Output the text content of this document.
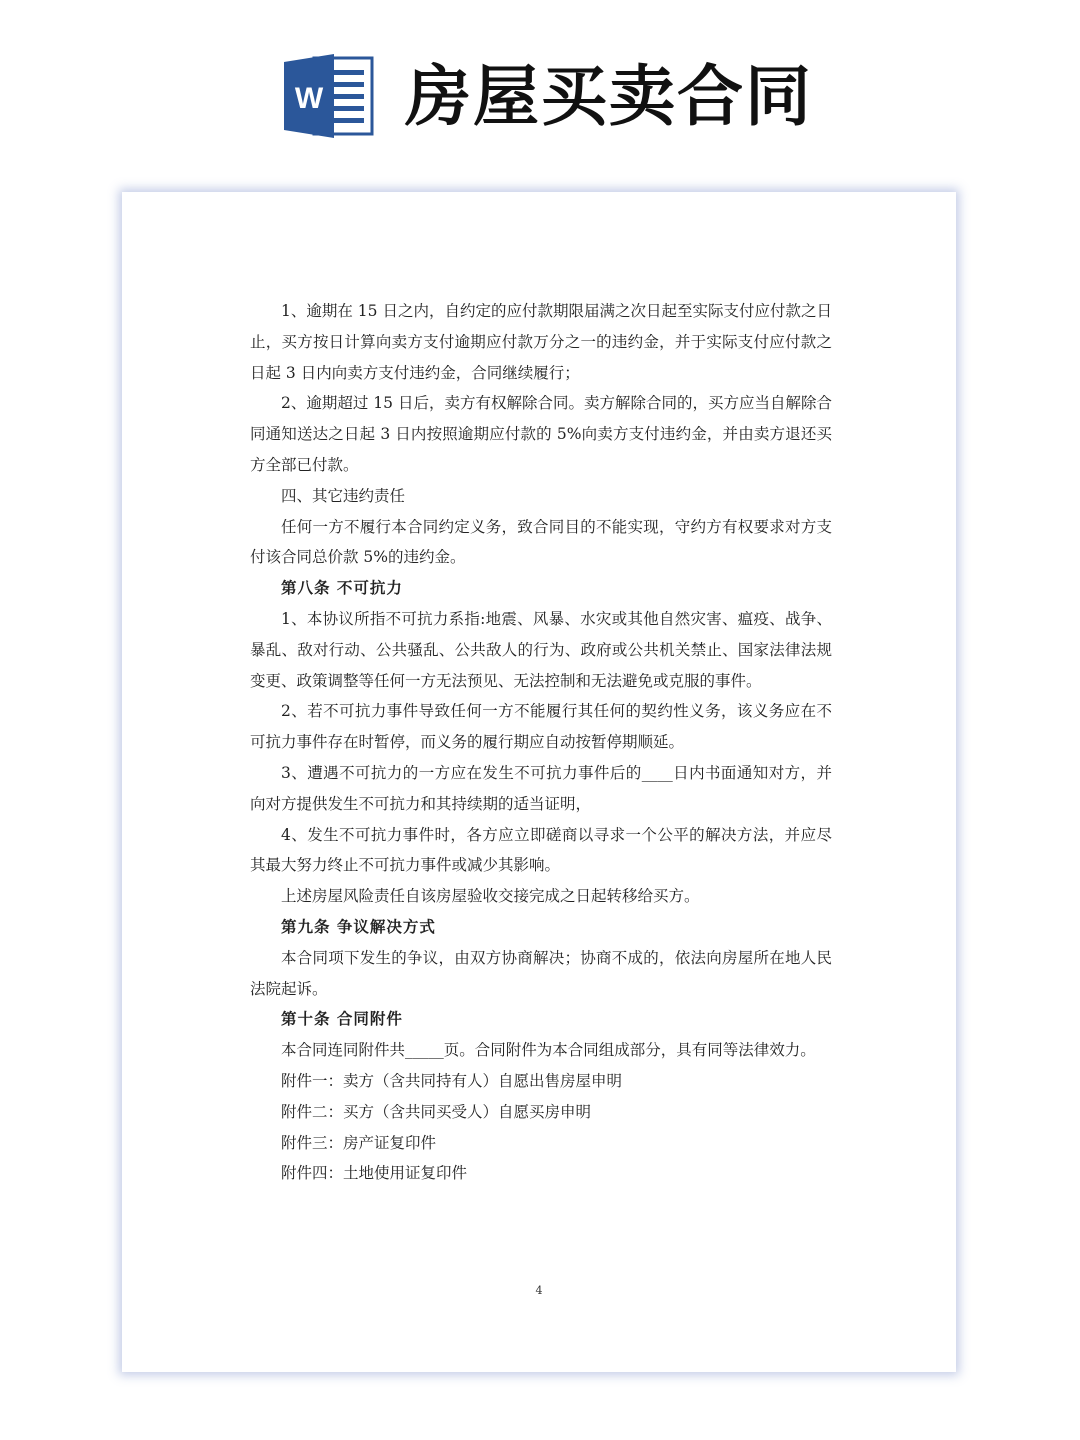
W 房屋买卖合同

1、逾期在 15 日之内，自约定的应付款期限届满之次日起至实际支付应付款之日止，买方按日计算向卖方支付逾期应付款万分之一的违约金，并于实际支付应付款之日起 3 日内向卖方支付违约金，合同继续履行；

2、逾期超过 15 日后，卖方有权解除合同。卖方解除合同的，买方应当自解除合同通知送达之日起 3 日内按照逾期应付款的 5%向卖方支付违约金，并由卖方退还买方全部已付款。

四、其它违约责任

任何一方不履行本合同约定义务，致合同目的不能实现，守约方有权要求对方支付该合同总价款 5%的违约金。

第八条 不可抗力

1、本协议所指不可抗力系指:地震、风暴、水灾或其他自然灾害、瘟疫、战争、暴乱、敌对行动、公共骚乱、公共敌人的行为、政府或公共机关禁止、国家法律法规变更、政策调整等任何一方无法预见、无法控制和无法避免或克服的事件。

2、若不可抗力事件导致任何一方不能履行其任何的契约性义务，该义务应在不可抗力事件存在时暂停，而义务的履行期应自动按暂停期顺延。

3、遭遇不可抗力的一方应在发生不可抗力事件后的____日内书面通知对方，并向对方提供发生不可抗力和其持续期的适当证明，

4、发生不可抗力事件时，各方应立即磋商以寻求一个公平的解决方法，并应尽其最大努力终止不可抗力事件或减少其影响。

上述房屋风险责任自该房屋验收交接完成之日起转移给买方。

第九条 争议解决方式

本合同项下发生的争议，由双方协商解决；协商不成的，依法向房屋所在地人民法院起诉。

第十条 合同附件

本合同连同附件共_____页。合同附件为本合同组成部分，具有同等法律效力。

附件一：卖方（含共同持有人）自愿出售房屋申明

附件二：买方（含共同买受人）自愿买房申明

附件三：房产证复印件

附件四：土地使用证复印件

4
